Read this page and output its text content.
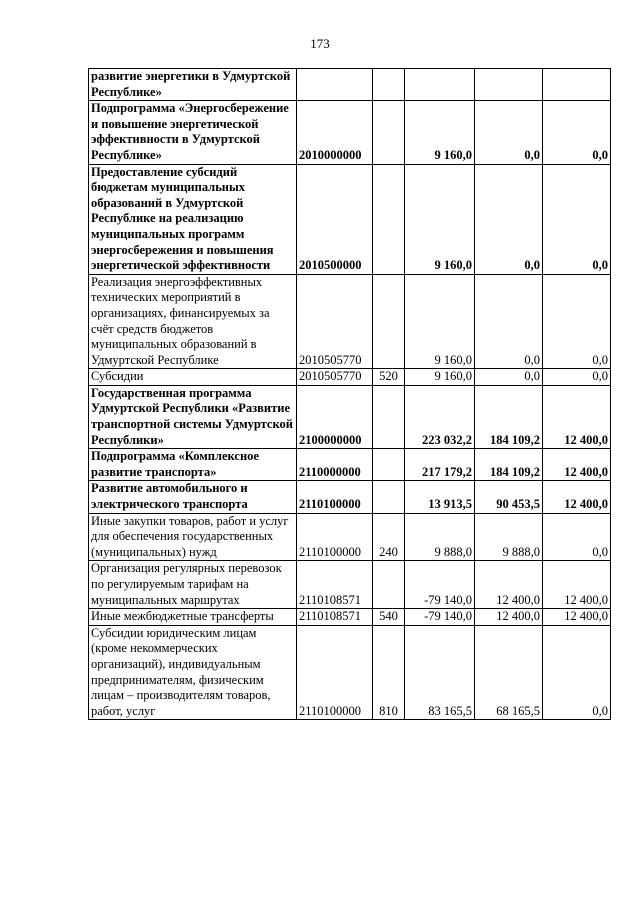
173
развитие энергетики в Удмуртской Республике»					
Подпрограмма «Энергосбережение и повышение энергетической эффективности в Удмуртской Республике»	2010000000		9 160,0	0,0	0,0
Предоставление субсидий бюджетам муниципальных образований в Удмуртской Республике на реализацию муниципальных программ энергосбережения и повышения энергетической эффективности	2010500000		9 160,0	0,0	0,0
Реализация энергоэффективных технических мероприятий в организациях, финансируемых за счёт средств бюджетов муниципальных образований в Удмуртской Республике	2010505770		9 160,0	0,0	0,0
Субсидии	2010505770	520	9 160,0	0,0	0,0
Государственная программа Удмуртской Республики «Развитие транспортной системы Удмуртской Республики»	2100000000		223 032,2	184 109,2	12 400,0
Подпрограмма «Комплексное развитие транспорта»	2110000000		217 179,2	184 109,2	12 400,0
Развитие автомобильного и электрического транспорта	2110100000		13 913,5	90 453,5	12 400,0
Иные закупки товаров, работ и услуг для обеспечения государственных (муниципальных) нужд	2110100000	240	9 888,0	9 888,0	0,0
Организация регулярных перевозок по регулируемым тарифам на муниципальных маршрутах	2110108571		-79 140,0	12 400,0	12 400,0
Иные межбюджетные трансферты	2110108571	540	-79 140,0	12 400,0	12 400,0
Субсидии юридическим лицам (кроме некоммерческих организаций), индивидуальным предпринимателям, физическим лицам – производителям товаров, работ, услуг	2110100000	810	83 165,5	68 165,5	0,0
